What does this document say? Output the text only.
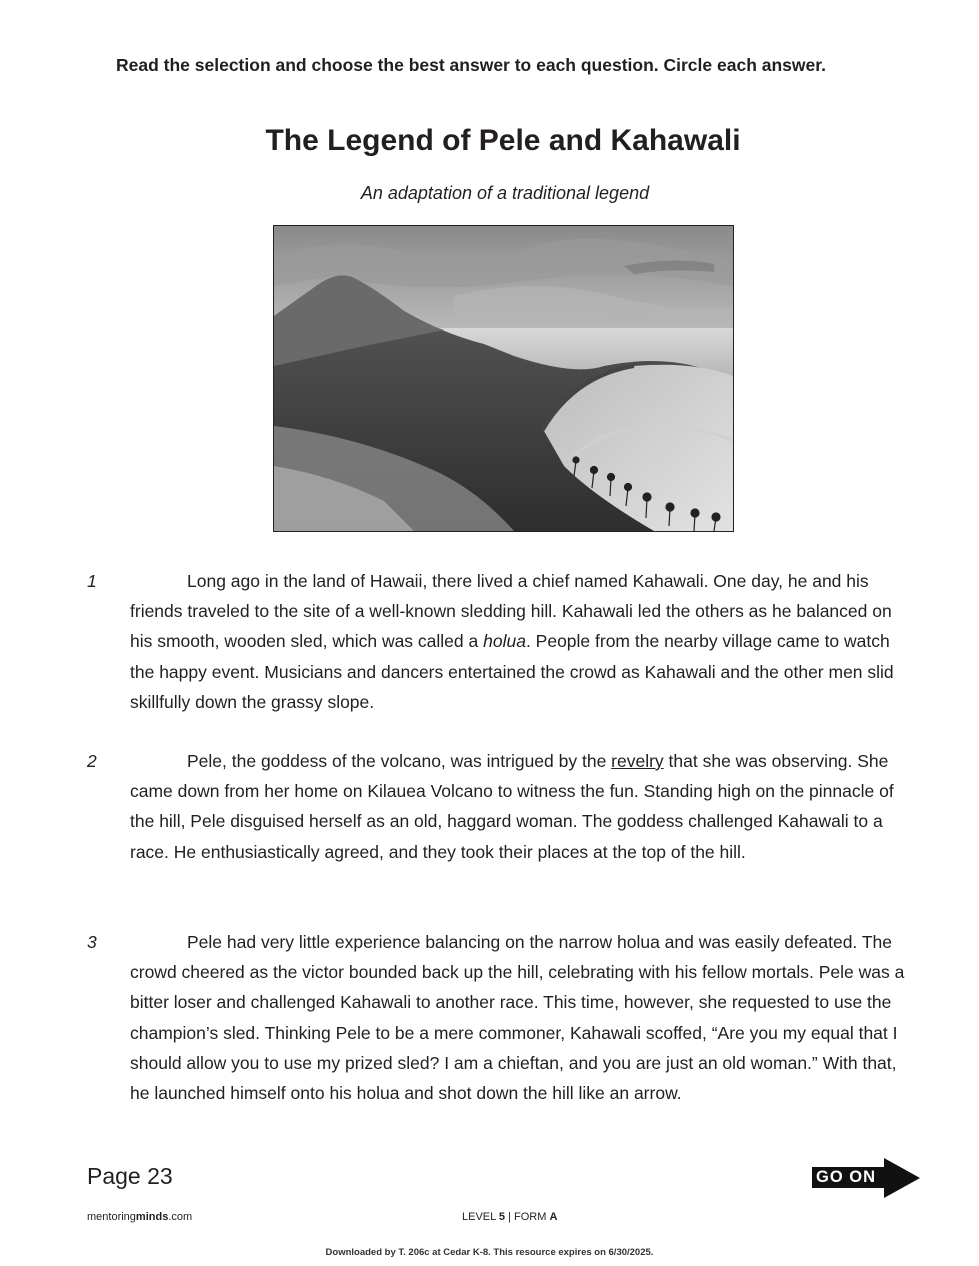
Read the selection and choose the best answer to each question. Circle each answer.
The Legend of Pele and Kahawali
An adaptation of a traditional legend
1	Long ago in the land of Hawaii, there lived a chief named Kahawali. One day, he and his friends traveled to the site of a well-known sledding hill. Kahawali led the others as he balanced on his smooth, wooden sled, which was called a holua. People from the nearby village came to watch the happy event. Musicians and dancers entertained the crowd as Kahawali and the other men slid skillfully down the grassy slope.

2	Pele, the goddess of the volcano, was intrigued by the revelry that she was observing. She came down from her home on Kilauea Volcano to witness the fun. Standing high on the pinnacle of the hill, Pele disguised herself as an old, haggard woman. The goddess challenged Kahawali to a race. He enthusiastically agreed, and they took their places at the top of the hill.

3	Pele had very little experience balancing on the narrow holua and was easily defeated. The crowd cheered as the victor bounded back up the hill, celebrating with his fellow mortals. Pele was a bitter loser and challenged Kahawali to another race. This time, however, she requested to use the champion’s sled. Thinking Pele to be a mere commoner, Kahawali scoffed, “Are you my equal that I should allow you to use my prized sled? I am a chieftan, and you are just an old woman.” With that, he launched himself onto his holua and shot down the hill like an arrow.

Page 23	GO ON
mentoringminds.com	LEVEL 5 | FORM A
Downloaded by T. 206c at Cedar K-8. This resource expires on 6/30/2025.
